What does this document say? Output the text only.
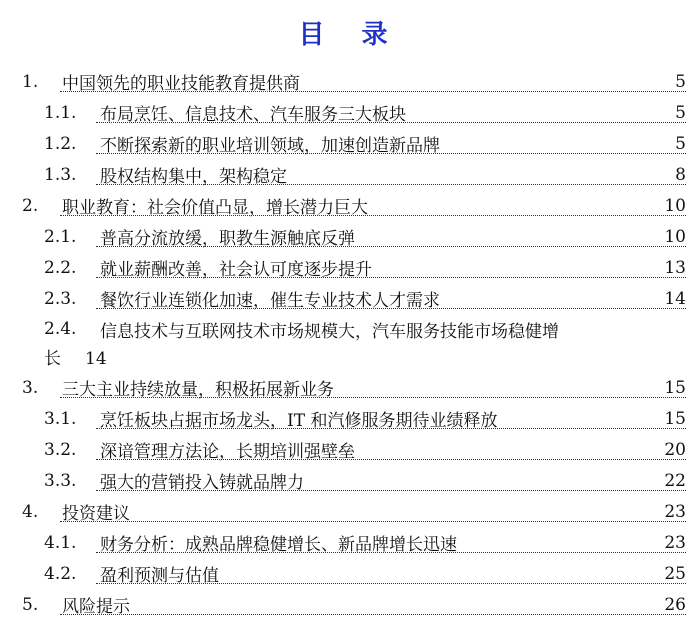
目 录
1. 中国领先的职业技能教育提供商	5
1.1. 布局烹饪、信息技术、汽车服务三大板块	5
1.2. 不断探索新的职业培训领域，加速创造新品牌	5
1.3. 股权结构集中，架构稳定	8
2. 职业教育：社会价值凸显，增长潜力巨大	10
2.1. 普高分流放缓，职教生源触底反弹	10
2.2. 就业薪酬改善，社会认可度逐步提升	13
2.3. 餐饮行业连锁化加速，催生专业技术人才需求	14
2.4. 信息技术与互联网技术市场规模大，汽车服务技能市场稳健增
长 14
3. 三大主业持续放量，积极拓展新业务	15
3.1. 烹饪板块占据市场龙头，IT 和汽修服务期待业绩释放	15
3.2. 深谙管理方法论，长期培训强壁垒	20
3.3. 强大的营销投入铸就品牌力	22
4. 投资建议	23
4.1. 财务分析：成熟品牌稳健增长、新品牌增长迅速	23
4.2. 盈利预测与估值	25
5. 风险提示	26
